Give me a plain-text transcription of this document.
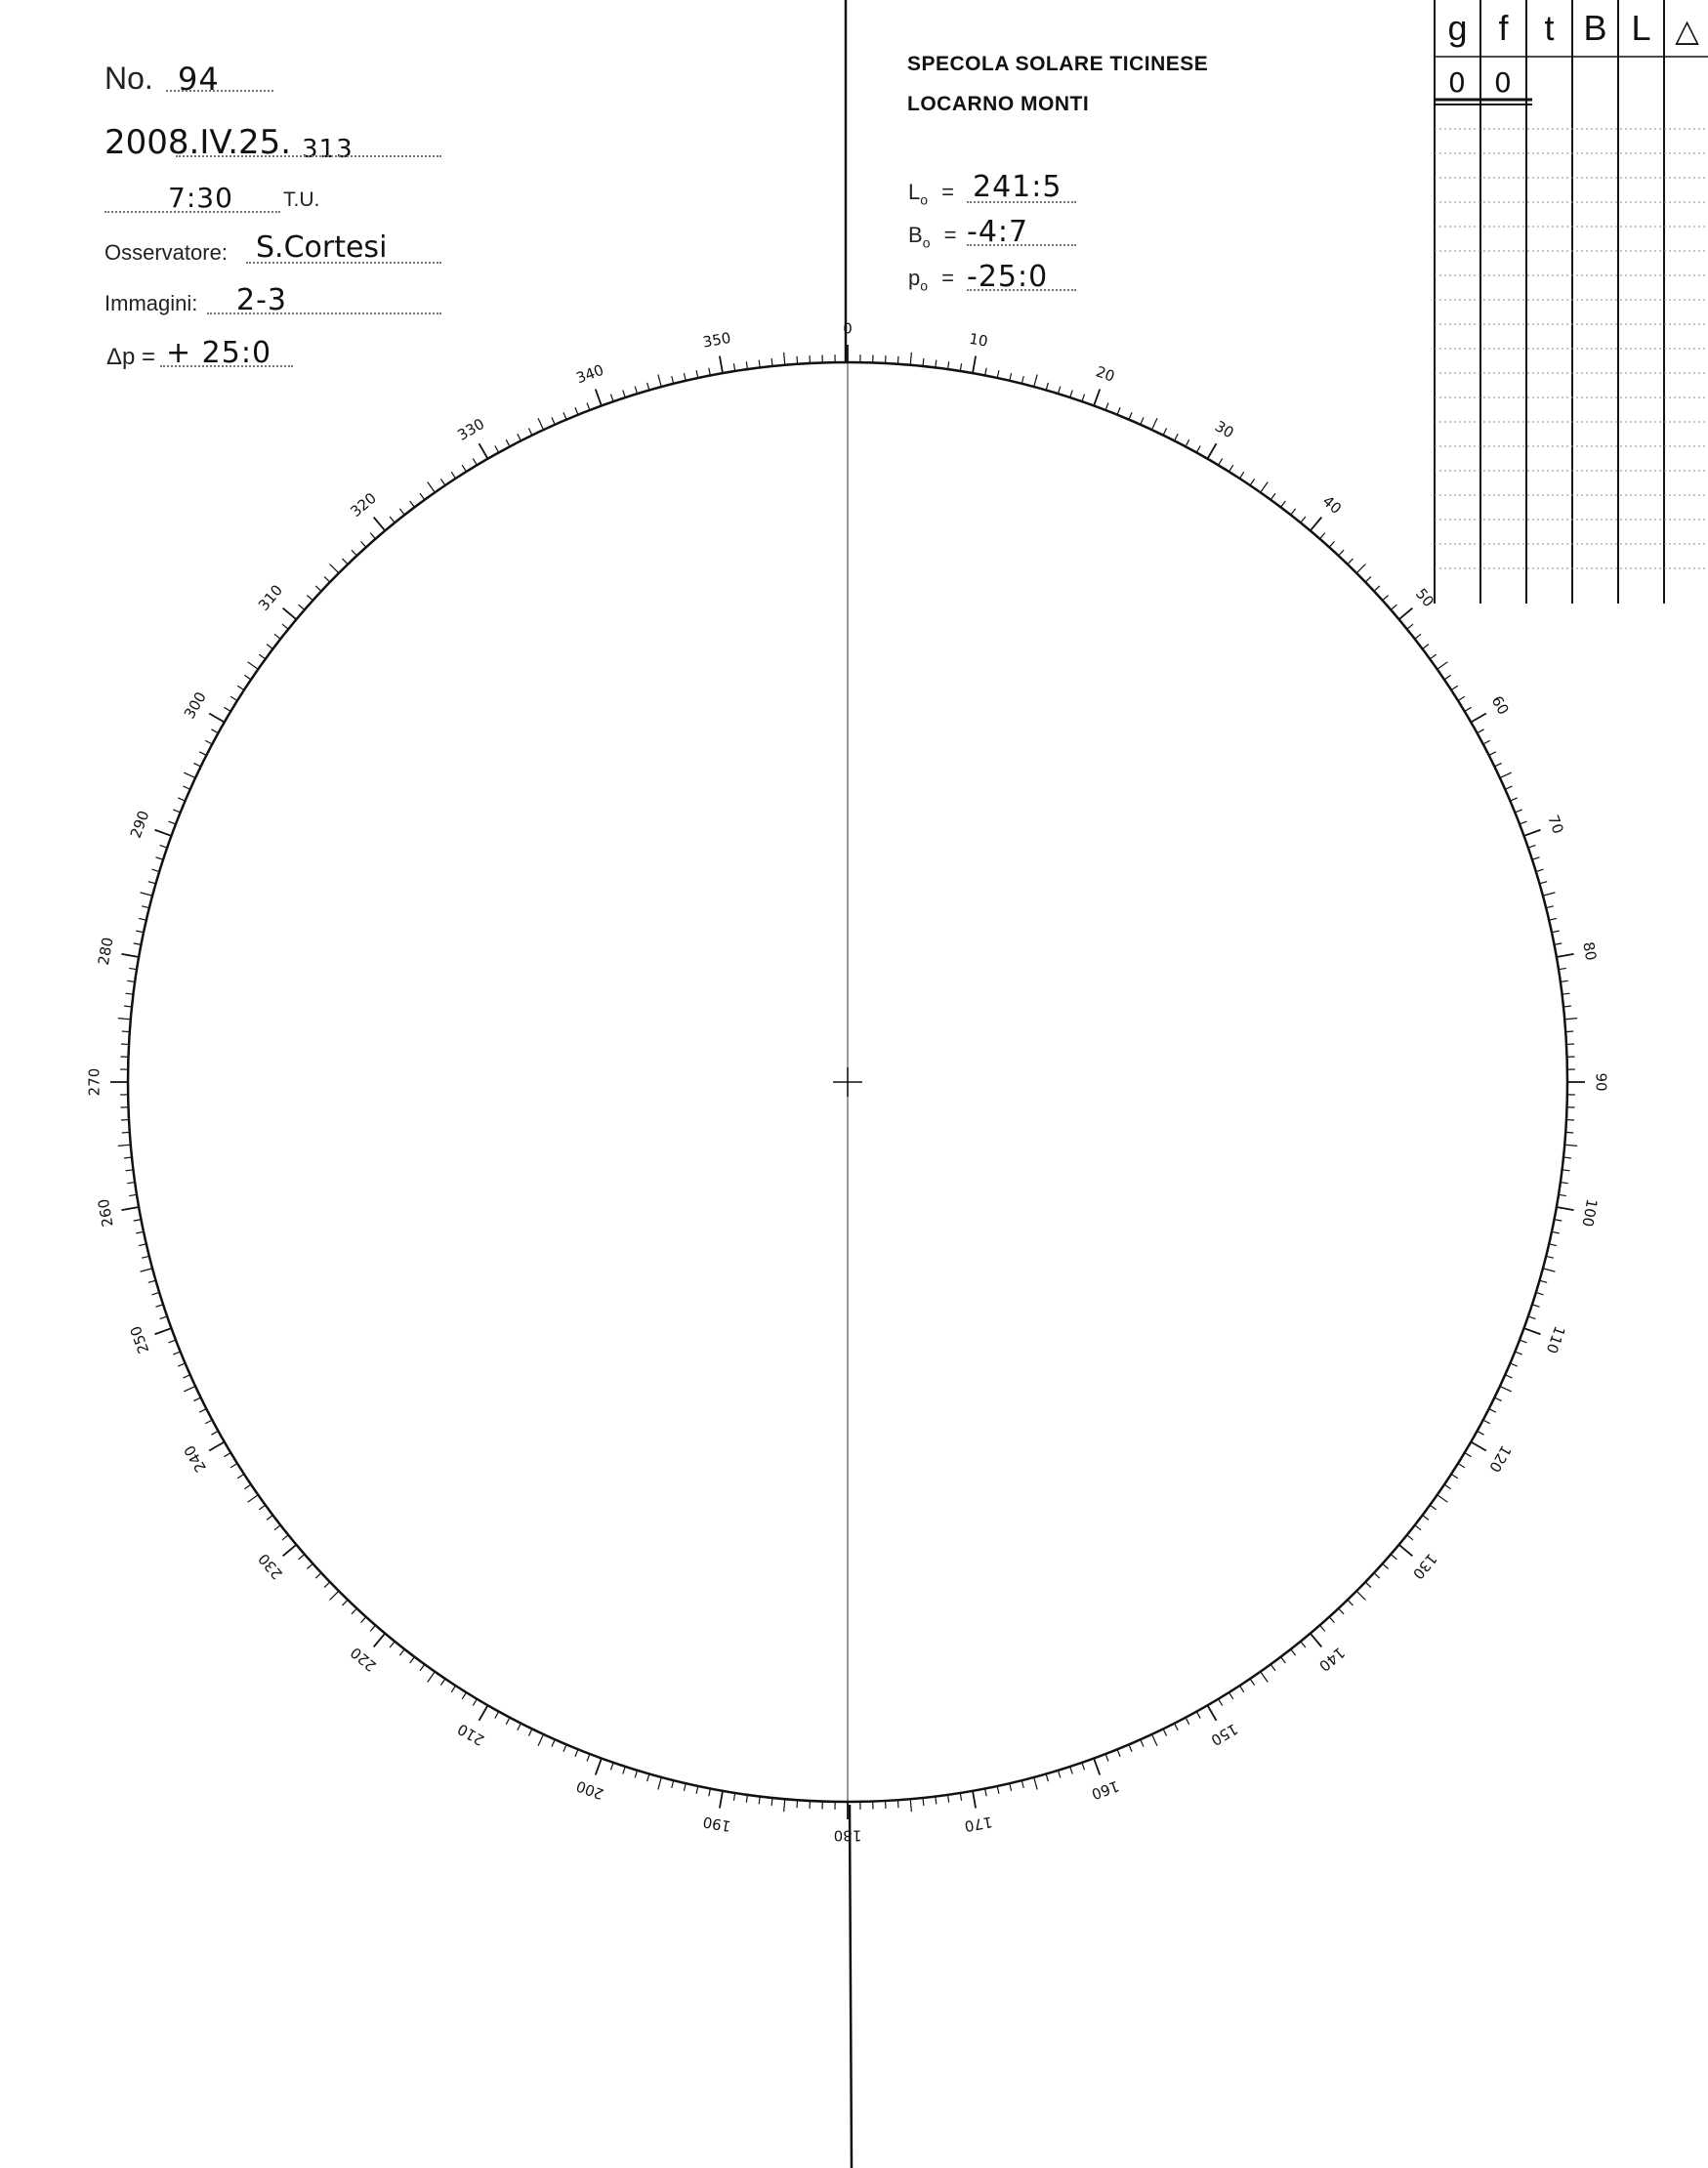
No. 94
2008.IV.25. 313
7:30 T.U.
Osservatore: S.Cortesi
Immagini: 2-3
Δp = + 25:0
SPECOLA SOLARE TICINESE
LOCARNO MONTI
$L_o$ = 241:5
$B_o$ = -4:7
$p_o$ = -25:0
g f	t B L △
0 0
0
10
20
30
40
50
60
70
80
90
100
110
120
130
140
150
160
170
180
190
200
210
220
230
240
250
260
270
280
290
300
310
320
330
340
350
